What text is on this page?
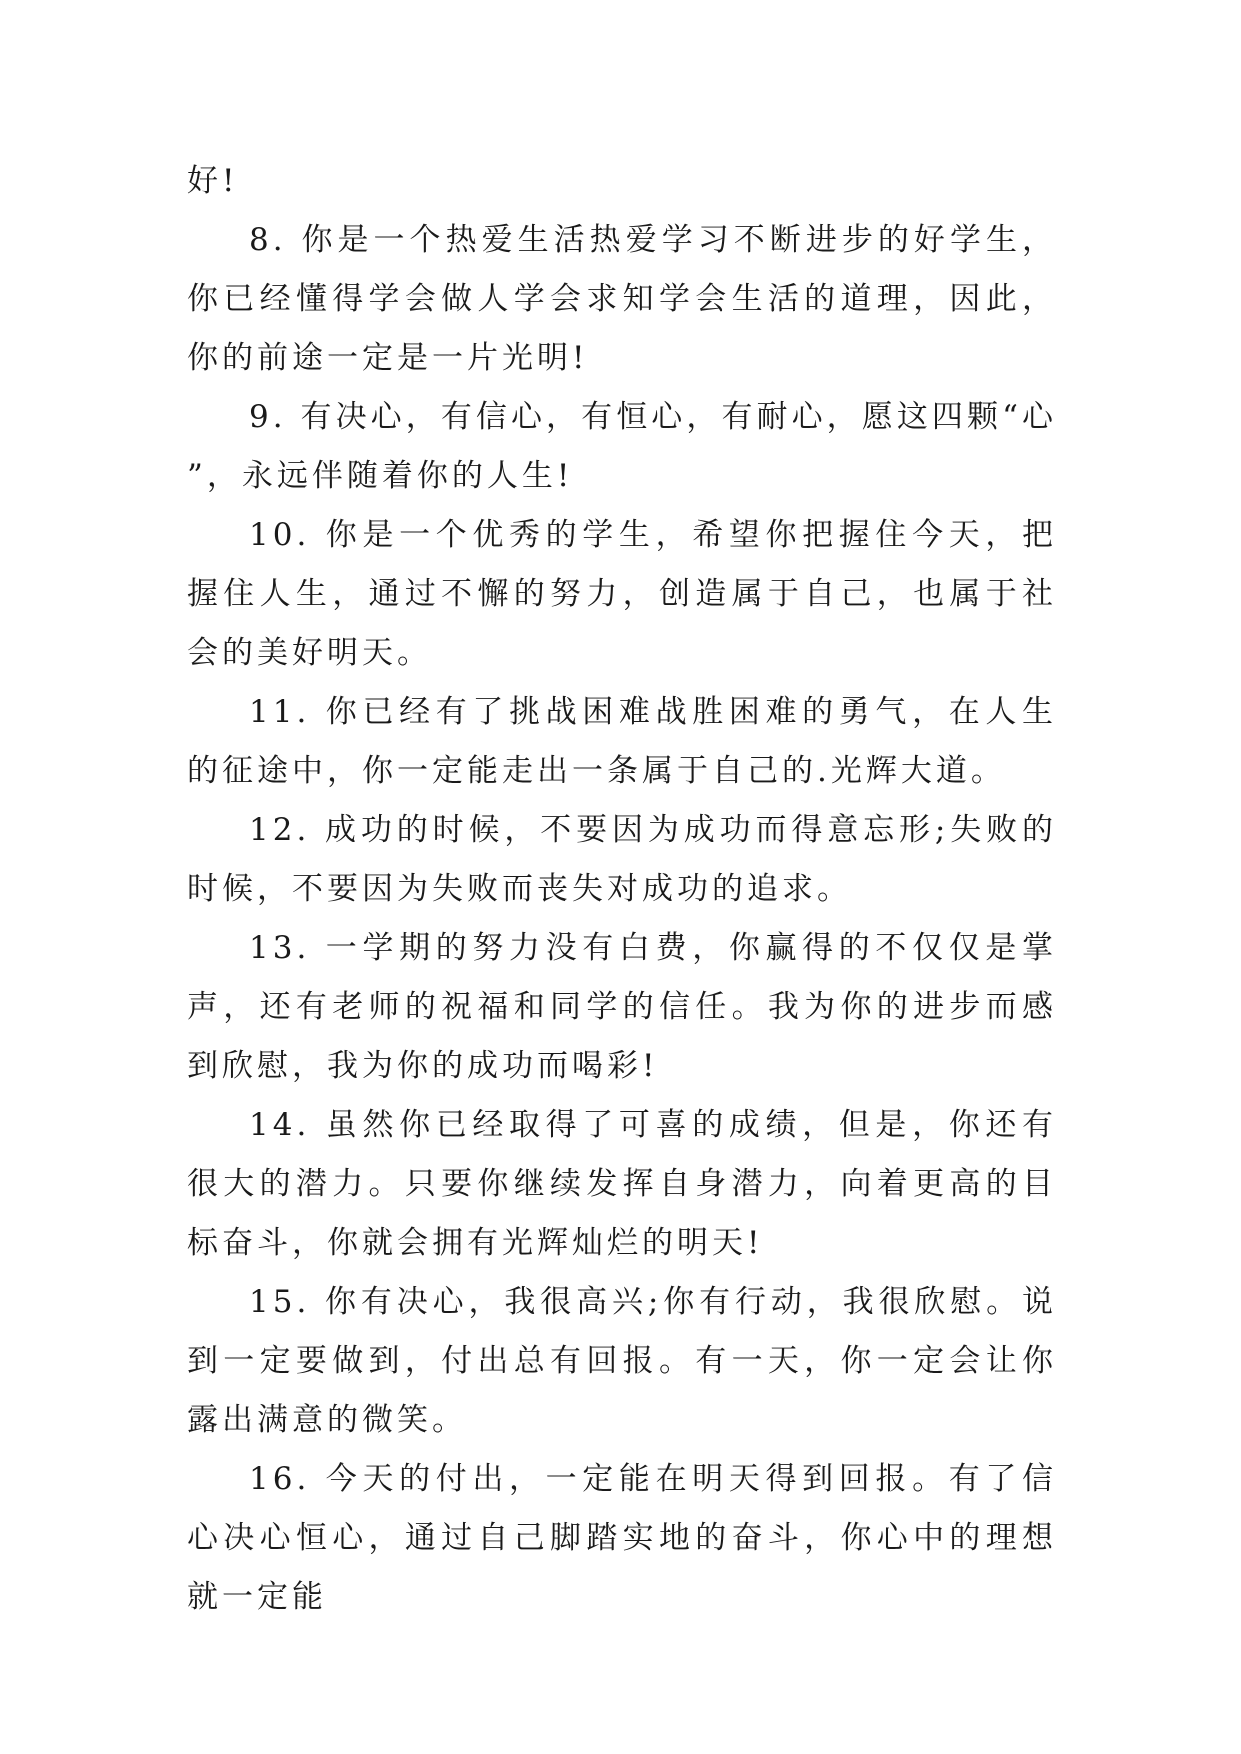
好!

8. 你是一个热爱生活热爱学习不断进步的好学生，你已经懂得学会做人学会求知学会生活的道理，因此，你的前途一定是一片光明!

9. 有决心，有信心，有恒心，有耐心，愿这四颗“心”，永远伴随着你的人生!

10. 你是一个优秀的学生，希望你把握住今天，把握住人生，通过不懈的努力，创造属于自己，也属于社会的美好明天。

11. 你已经有了挑战困难战胜困难的勇气，在人生的征途中，你一定能走出一条属于自己的.光辉大道。

12. 成功的时候，不要因为成功而得意忘形;失败的时候，不要因为失败而丧失对成功的追求。

13. 一学期的努力没有白费，你赢得的不仅仅是掌声，还有老师的祝福和同学的信任。我为你的进步而感到欣慰，我为你的成功而喝彩!

14. 虽然你已经取得了可喜的成绩，但是，你还有很大的潜力。只要你继续发挥自身潜力，向着更高的目标奋斗，你就会拥有光辉灿烂的明天!

15. 你有决心，我很高兴;你有行动，我很欣慰。说到一定要做到，付出总有回报。有一天，你一定会让你露出满意的微笑。

16. 今天的付出，一定能在明天得到回报。有了信心决心恒心，通过自己脚踏实地的奋斗，你心中的理想就一定能
